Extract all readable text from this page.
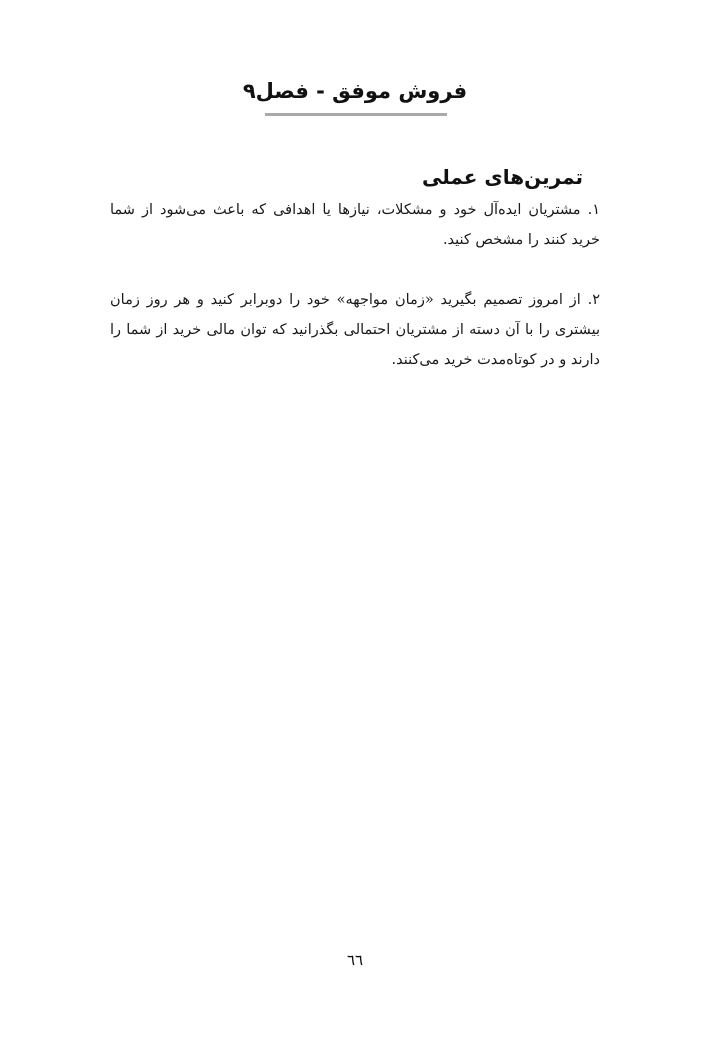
فروش موفق - فصل۹
تمرین‌های عملی

۱. مشتریان ایده‌آل خود و مشکلات، نیازها یا اهدافی که باعث می‌شود از شما خرید کنند را مشخص کنید.

۲. از امروز تصمیم بگیرید «زمان مواجهه» خود را دوبرابر کنید و هر روز زمان بیشتری را با آن دسته از مشتریان احتمالی بگذرانید که توان مالی خرید از شما را دارند و در کوتاه‌مدت خرید می‌کنند.

٦٦
